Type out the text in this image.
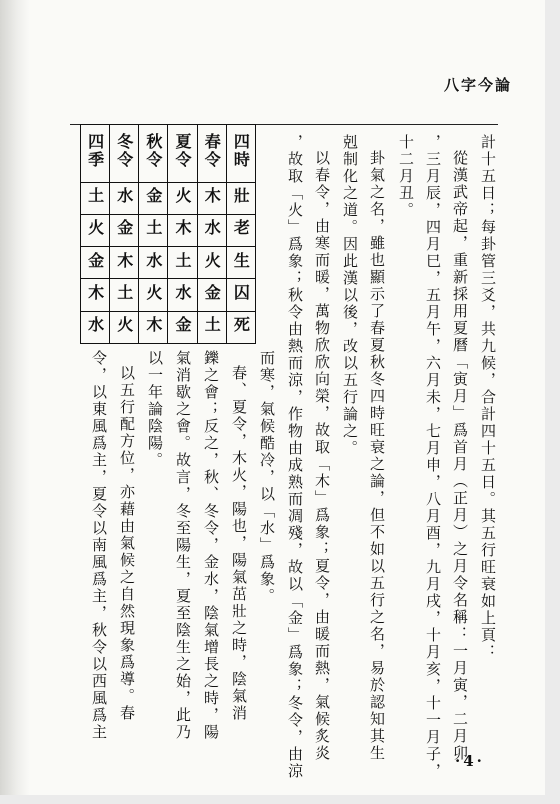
八字今論
計十五日；每卦管三爻，共九候，合計四十五日。其五行旺衰如上頁：
從漢武帝起，重新採用夏曆「寅月」爲首月（正月）之月令名稱：一月寅，二月卯
，三月辰，四月巳，五月午，六月未，七月申，八月酉，九月戌，十月亥，十一月子，
十二月丑。
卦氣之名，雖也顯示了春夏秋冬四時旺衰之論，但不如以五行之名，易於認知其生
剋制化之道。因此漢以後，改以五行論之。
以春令，由寒而暖，萬物欣欣向榮，故取「木」爲象；夏令，由暖而熱，氣候炙炎
，故取「火」爲象；秋令由熱而涼，作物由成熟而凋殘，故以「金」爲象；冬令，由涼
而寒，氣候酷冷，以「水」爲象。
春、夏令，木火，陽也，陽氣茁壯之時，陰氣消
鑠之會；反之，秋、冬令，金水，陰氣增長之時，陽
氣消歇之會。故言，冬至陽生，夏至陰生之始，此乃
以一年論陰陽。
以五行配方位，亦藉由氣候之自然現象爲導。春
令，以東風爲主，夏令以南風爲主，秋令以西風爲主
四季	冬令	秋令	夏令	春令	四時
土	水	金	火	木	壯
火	金	土	木	水	老
金	木	水	土	火	生
木	土	火	水	金	囚
水	火	木	金	土	死
·4·
